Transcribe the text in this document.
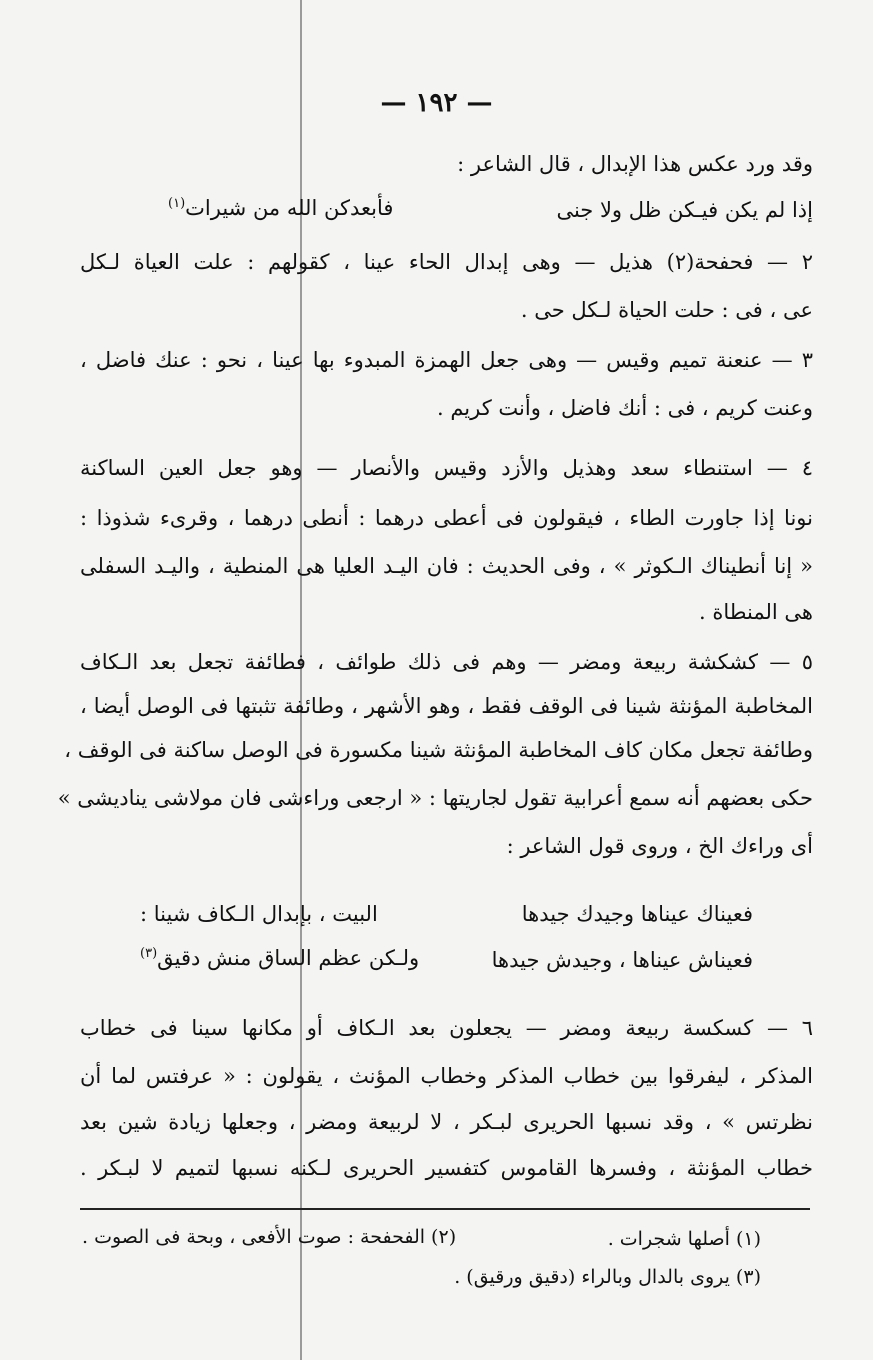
— ١٩٢ —
وقد ورد عكس هذا الإبدال ، قال الشاعر :
إذا لم يكن فيـكن ظل ولا جنى
فأبعدكن الله من شيرات$^{(١)}$
٢ — فحفحة(٢) هذيل — وهى إبدال الحاء عينا ، كقولهم : علت العياة لـكل
عى ، فى : حلت الحياة لـكل حى .
٣ — عنعنة تميم وقيس — وهى جعل الهمزة المبدوء بها عينا ، نحو : عنك فاضل ،
وعنت كريم ، فى : أنك فاضل ، وأنت كريم .
٤ — استنطاء سعد وهذيل والأزد وقيس والأنصار — وهو جعل العين الساكنة
نونا إذا جاورت الطاء ، فيقولون فى أعطى درهما : أنطى درهما ، وقرىء شذوذا :
« إنا أنطيناك الـكوثر » ، وفى الحديث : فان اليـد العليا هى المنطية ، واليـد السفلى
هى المنطاة .
٥ — كشكشة ربيعة ومضر — وهم فى ذلك طوائف ، فطائفة تجعل بعد الـكاف
المخاطبة المؤنثة شينا فى الوقف فقط ، وهو الأشهر ، وطائفة تثبتها فى الوصل أيضا ،
وطائفة تجعل مكان كاف المخاطبة المؤنثة شينا مكسورة فى الوصل ساكنة فى الوقف ،
حكى بعضهم أنه سمع أعرابية تقول لجاريتها : « ارجعى وراءشى فان مولاشى يناديشى »
أى وراءك الخ ، وروى قول الشاعر :
فعيناك عيناها وجيدك جيدها
البيت ، بإبدال الـكاف شينا :
فعيناش عيناها ، وجيدش جيدها
ولـكن عظم الساق منش دقيق$^{(٣)}$
٦ — كسكسة ربيعة ومضر — يجعلون بعد الـكاف أو مكانها سينا فى خطاب
المذكر ، ليفرقوا بين خطاب المذكر وخطاب المؤنث ، يقولون : « عرفتس لما أن
نظرتس » ، وقد نسبها الحريرى لبـكر ، لا لربيعة ومضر ، وجعلها زيادة شين بعد
خطاب المؤنثة ، وفسرها القاموس كتفسير الحريرى لـكنه نسبها لتميم لا لبـكر .
(١) أصلها شجرات .
(٢) الفحفحة : صوت الأفعى ، وبحة فى الصوت .
(٣) يروى بالدال وبالراء (دقيق ورقيق) .
